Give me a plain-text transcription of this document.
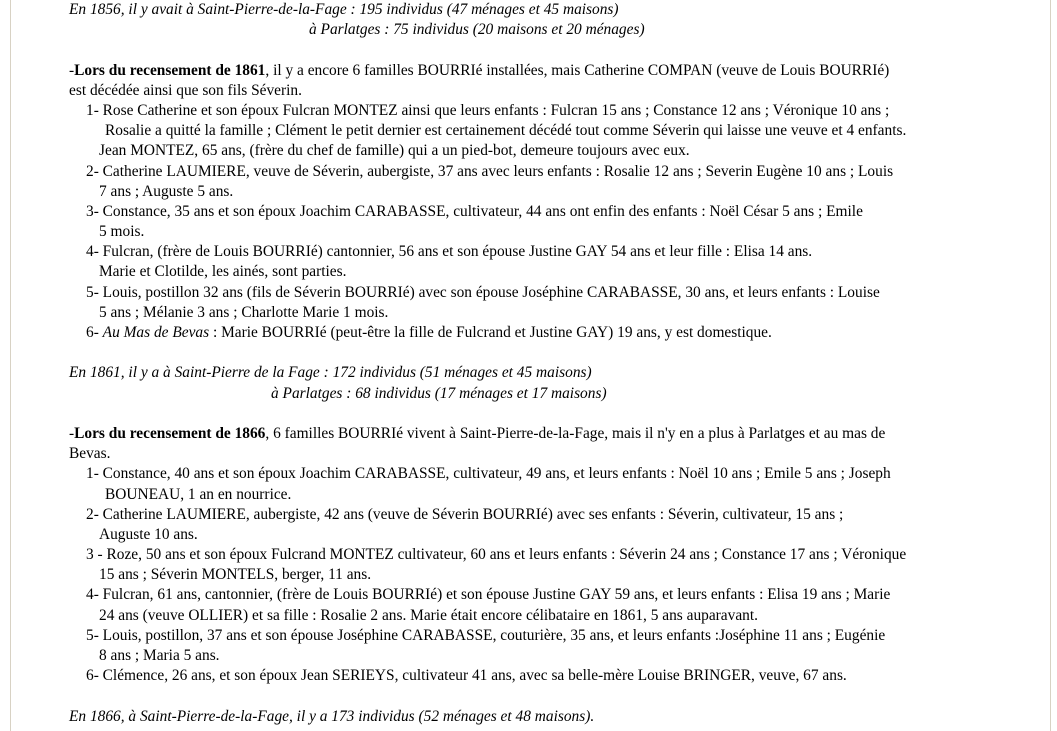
En 1856, il y avait à Saint-Pierre-de-la-Fage : 195 individus (47 ménages et 45 maisons)
à Parlatges : 75 individus (20 maisons et 20 ménages)
-Lors du recensement de 1861, il y a encore 6 familles BOURRIé installées, mais Catherine COMPAN (veuve de Louis BOURRIé)
est décédée ainsi que son fils Séverin.
1- Rose Catherine et son époux Fulcran MONTEZ ainsi que leurs enfants : Fulcran 15 ans ; Constance 12 ans ; Véronique 10 ans ;
Rosalie a quitté la famille ; Clément le petit dernier est certainement décédé tout comme Séverin qui laisse une veuve et 4 enfants.
Jean MONTEZ, 65 ans, (frère du chef de famille) qui a un pied-bot, demeure toujours avec eux.
2- Catherine LAUMIERE, veuve de Séverin, aubergiste, 37 ans avec leurs enfants : Rosalie 12 ans ; Severin Eugène 10 ans ; Louis
7 ans ; Auguste 5 ans.
3- Constance, 35 ans et son époux Joachim CARABASSE, cultivateur, 44 ans ont enfin des enfants : Noël César 5 ans ; Emile
5 mois.
4- Fulcran, (frère de Louis BOURRIé) cantonnier, 56 ans et son épouse Justine GAY 54 ans et leur fille : Elisa 14 ans.
Marie et Clotilde, les ainés, sont parties.
5- Louis, postillon 32 ans (fils de Séverin BOURRIé) avec son épouse Joséphine CARABASSE, 30 ans, et leurs enfants : Louise
5 ans ; Mélanie 3 ans ; Charlotte Marie 1 mois.
6- Au Mas de Bevas : Marie BOURRIé (peut-être la fille de Fulcrand et Justine GAY) 19 ans, y est domestique.
En 1861, il y a à Saint-Pierre de la Fage : 172 individus (51 ménages et 45 maisons)
à Parlatges : 68 individus (17 ménages et 17 maisons)
-Lors du recensement de 1866, 6 familles BOURRIé vivent à Saint-Pierre-de-la-Fage, mais il n'y en a plus à Parlatges et au mas de
Bevas.
1- Constance, 40 ans et son époux Joachim CARABASSE, cultivateur, 49 ans, et leurs enfants : Noël 10 ans ; Emile 5 ans ; Joseph
BOUNEAU, 1 an en nourrice.
2- Catherine LAUMIERE, aubergiste, 42 ans (veuve de Séverin BOURRIé) avec ses enfants : Séverin, cultivateur, 15 ans ;
Auguste 10 ans.
3 - Roze, 50 ans et son époux Fulcrand MONTEZ cultivateur, 60 ans et leurs enfants : Séverin 24 ans ; Constance 17 ans ; Véronique
15 ans ; Séverin MONTELS, berger, 11 ans.
4- Fulcran, 61 ans, cantonnier, (frère de Louis BOURRIé) et son épouse Justine GAY 59 ans, et leurs enfants : Elisa 19 ans ; Marie
24 ans (veuve OLLIER) et sa fille : Rosalie 2 ans. Marie était encore célibataire en 1861, 5 ans auparavant.
5- Louis, postillon, 37 ans et son épouse Joséphine CARABASSE, couturière, 35 ans, et leurs enfants :Joséphine 11 ans ; Eugénie
8 ans ; Maria 5 ans.
6- Clémence, 26 ans, et son époux Jean SERIEYS, cultivateur 41 ans, avec sa belle-mère Louise BRINGER, veuve, 67 ans.
En 1866, à Saint-Pierre-de-la-Fage, il y a 173 individus (52 ménages et 48 maisons).
